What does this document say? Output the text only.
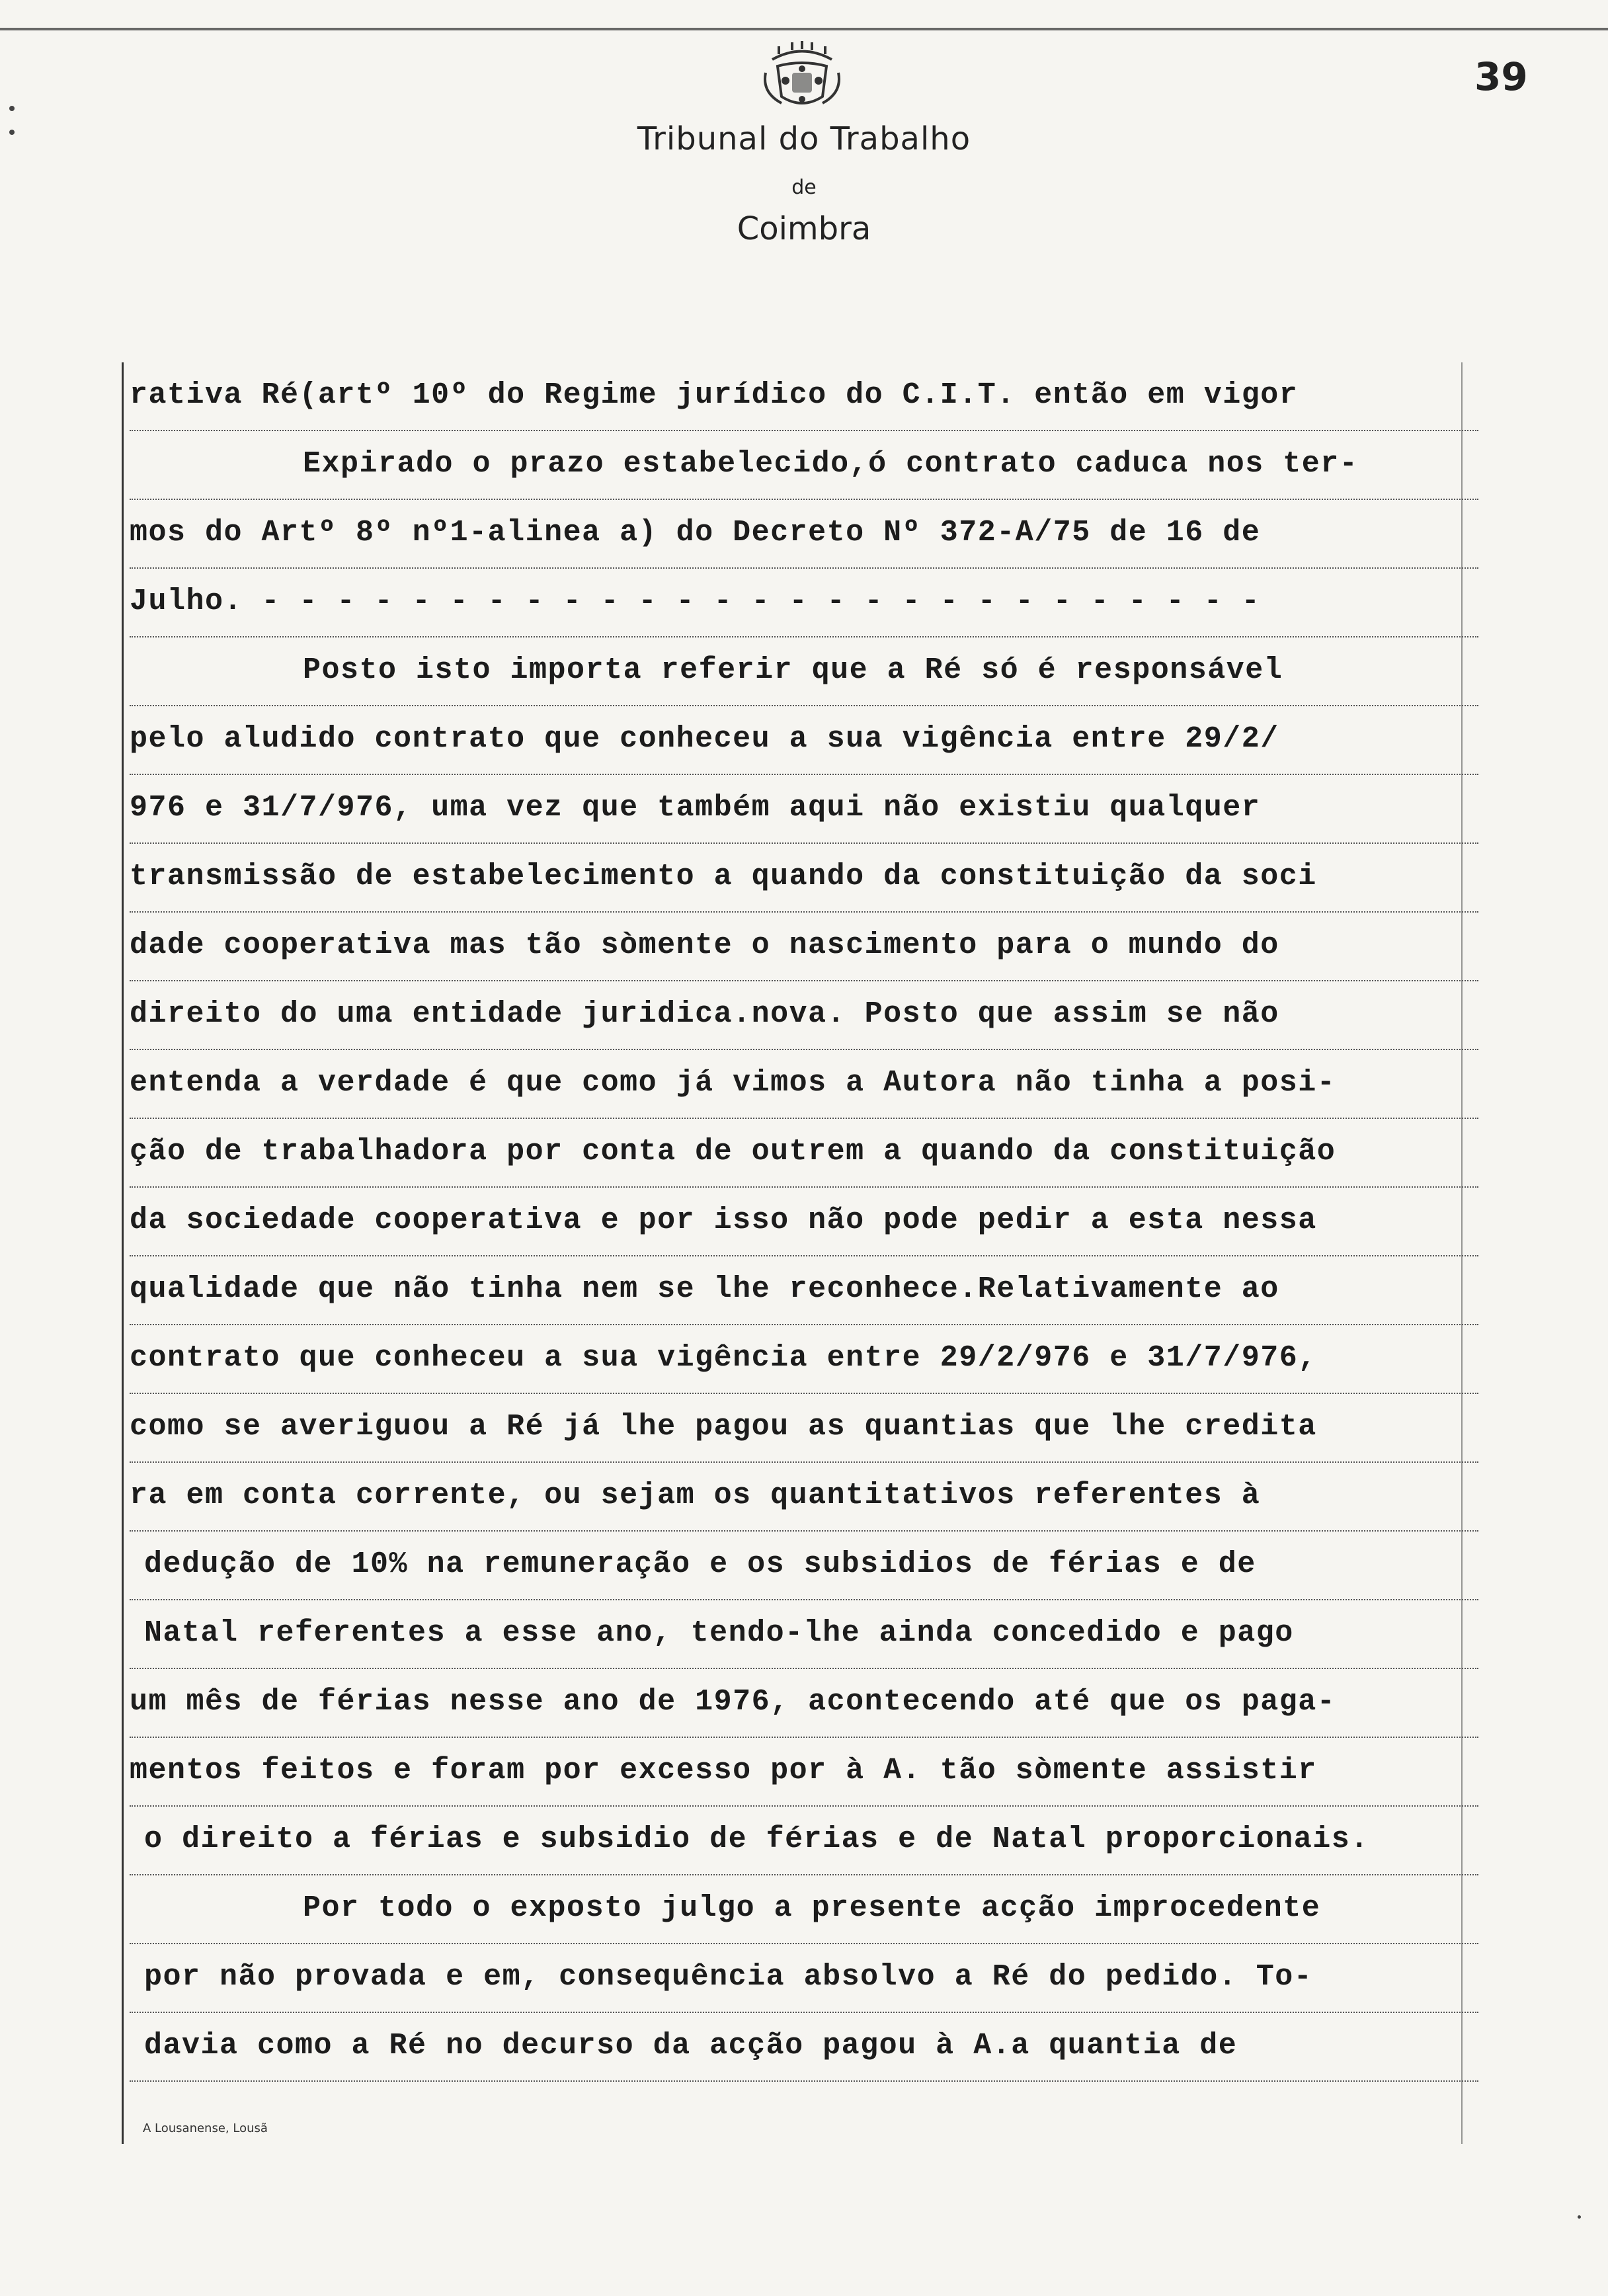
39
Tribunal do Trabalho
de
Coimbra
rativa Ré(artº 10º do Regime jurídico do C.I.T. então em vigor
Expirado o prazo estabelecido,ó contrato caduca nos ter-
mos do Artº 8º nº1-alinea a) do Decreto Nº 372-A/75 de 16 de
Julho. - - - - - - - - - - - - - - - - - - - - - - - - - - -
Posto isto importa referir que a Ré só é responsável
pelo aludido contrato que conheceu a sua vigência entre 29/2/
976 e 31/7/976, uma vez que também aqui não existiu qualquer
transmissão de estabelecimento a quando da constituição da soci
dade cooperativa mas tão sòmente o nascimento para o mundo do
direito do uma entidade juridica.nova. Posto que assim se não
entenda a verdade é que como já vimos a Autora não tinha a posi-
ção de trabalhadora por conta de outrem a quando da constituição
da sociedade cooperativa e por isso não pode pedir a esta nessa
qualidade que não tinha nem se lhe reconhece.Relativamente ao
contrato que conheceu a sua vigência entre 29/2/976 e 31/7/976,
como se averiguou a Ré já lhe pagou as quantias que lhe credita
ra em conta corrente, ou sejam os quantitativos referentes à
dedução de 10% na remuneração e os subsidios de férias e de
Natal referentes a esse ano, tendo-lhe ainda concedido e pago
um mês de férias nesse ano de 1976, acontecendo até que os paga-
mentos feitos e foram por excesso por à A. tão sòmente assistir
o direito a férias e subsidio de férias e de Natal proporcionais.
Por todo o exposto julgo a presente acção improcedente
por não provada e em, consequência absolvo a Ré do pedido. To-
davia como a Ré no decurso da acção pagou à A.a quantia de
A Lousanense, Lousã
